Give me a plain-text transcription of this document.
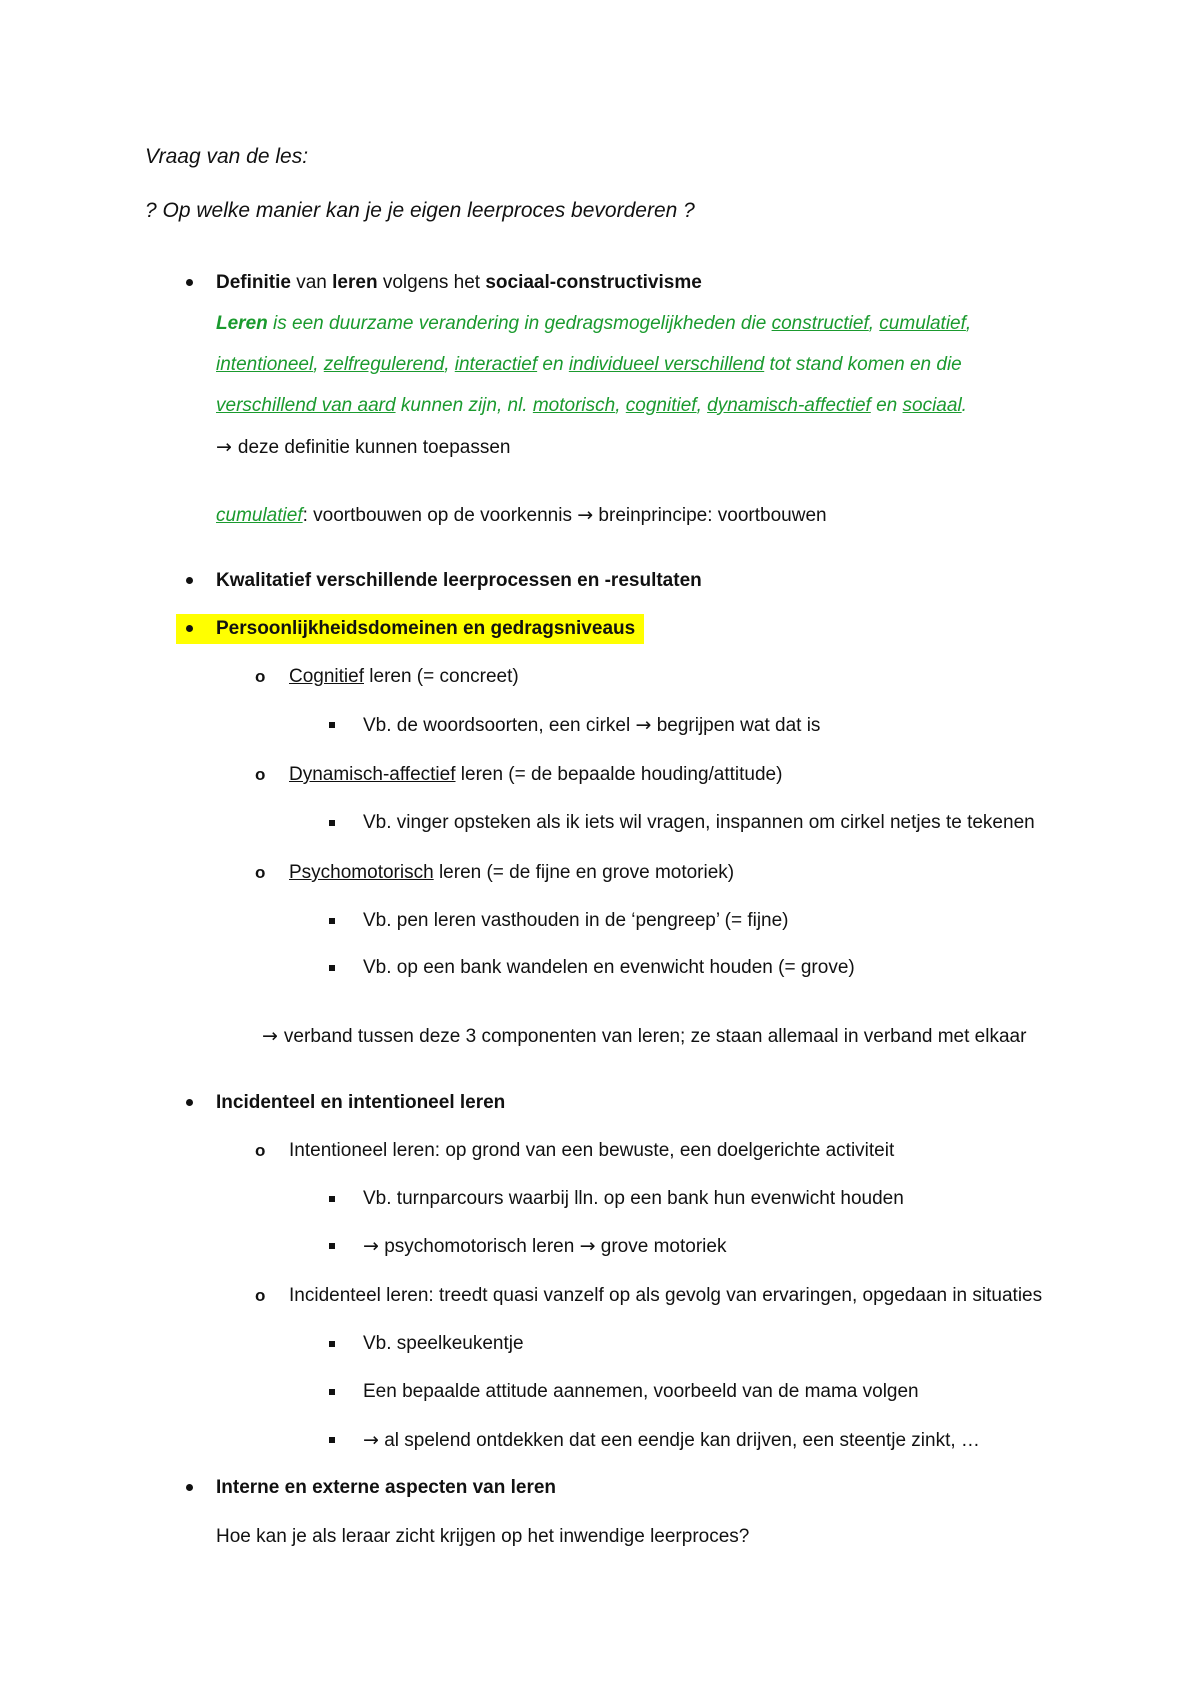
Vraag van de les:
? Op welke manier kan je je eigen leerproces bevorderen ?
Definitie van leren volgens het sociaal-constructivisme
Leren is een duurzame verandering in gedragsmogelijkheden die constructief, cumulatief,
intentioneel, zelfregulerend, interactief en individueel verschillend tot stand komen en die
verschillend van aard kunnen zijn, nl. motorisch, cognitief, dynamisch-affectief en sociaal.
→ deze definitie kunnen toepassen
cumulatief: voortbouwen op de voorkennis → breinprincipe: voortbouwen
Kwalitatief verschillende leerprocessen en -resultaten
Persoonlijkheidsdomeinen en gedragsniveaus
o Cognitief leren (= concreet)
Vb. de woordsoorten, een cirkel → begrijpen wat dat is
o Dynamisch-affectief leren (= de bepaalde houding/attitude)
Vb. vinger opsteken als ik iets wil vragen, inspannen om cirkel netjes te tekenen
o Psychomotorisch leren (= de fijne en grove motoriek)
Vb. pen leren vasthouden in de ‘pengreep’ (= fijne)
Vb. op een bank wandelen en evenwicht houden (= grove)
→ verband tussen deze 3 componenten van leren; ze staan allemaal in verband met elkaar
Incidenteel en intentioneel leren
o Intentioneel leren: op grond van een bewuste, een doelgerichte activiteit
Vb. turnparcours waarbij lln. op een bank hun evenwicht houden
→ psychomotorisch leren → grove motoriek
o Incidenteel leren: treedt quasi vanzelf op als gevolg van ervaringen, opgedaan in situaties
Vb. speelkeukentje
Een bepaalde attitude aannemen, voorbeeld van de mama volgen
→ al spelend ontdekken dat een eendje kan drijven, een steentje zinkt, …
Interne en externe aspecten van leren
Hoe kan je als leraar zicht krijgen op het inwendige leerproces?
